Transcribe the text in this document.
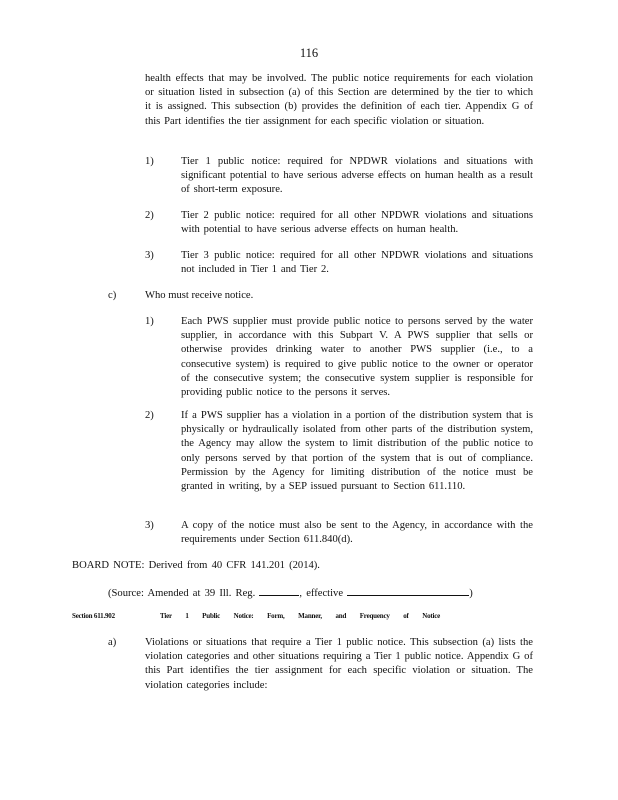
116
health effects that may be involved. The public notice requirements for each violation or situation listed in subsection (a) of this Section are determined by the tier to which it is assigned. This subsection (b) provides the definition of each tier. Appendix G of this Part identifies the tier assignment for each specific violation or situation.
1)	Tier 1 public notice: required for NPDWR violations and situations with significant potential to have serious adverse effects on human health as a result of short-term exposure.
2)	Tier 2 public notice: required for all other NPDWR violations and situations with potential to have serious adverse effects on human health.
3)	Tier 3 public notice: required for all other NPDWR violations and situations not included in Tier 1 and Tier 2.
c)	Who must receive notice.
1)	Each PWS supplier must provide public notice to persons served by the water supplier, in accordance with this Subpart V. A PWS supplier that sells or otherwise provides drinking water to another PWS supplier (i.e., to a consecutive system) is required to give public notice to the owner or operator of the consecutive system; the consecutive system supplier is responsible for providing public notice to the persons it serves.
2)	If a PWS supplier has a violation in a portion of the distribution system that is physically or hydraulically isolated from other parts of the distribution system, the Agency may allow the system to limit distribution of the public notice to only persons served by that portion of the system that is out of compliance. Permission by the Agency for limiting distribution of the notice must be granted in writing, by a SEP issued pursuant to Section 611.110.
3)	A copy of the notice must also be sent to the Agency, in accordance with the requirements under Section 611.840(d).
BOARD NOTE: Derived from 40 CFR 141.201 (2014).
(Source: Amended at 39 Ill. Reg.	, effective	)
Section 611.902	Tier 1 Public Notice: Form, Manner, and Frequency of Notice
a)	Violations or situations that require a Tier 1 public notice. This subsection (a) lists the violation categories and other situations requiring a Tier 1 public notice. Appendix G of this Part identifies the tier assignment for each specific violation or situation. The violation categories include:
